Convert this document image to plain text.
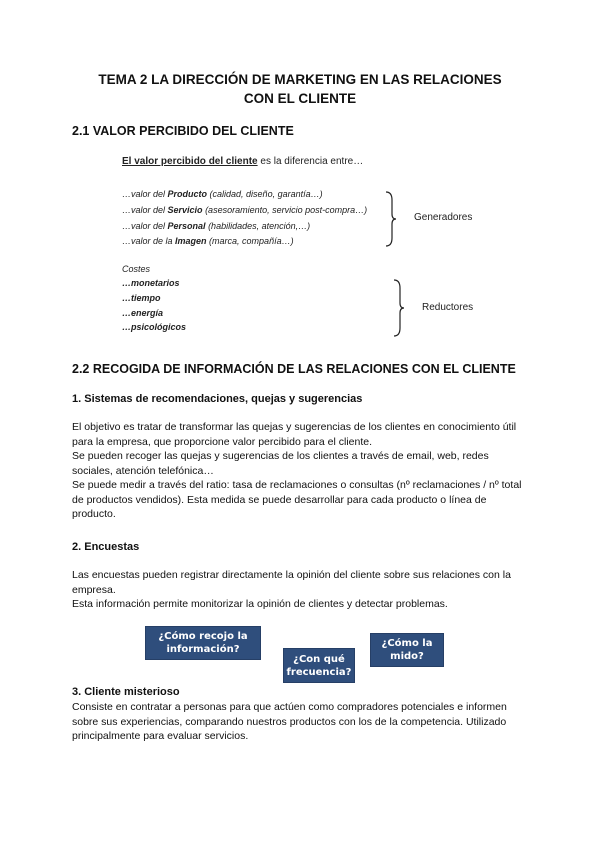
TEMA 2 LA DIRECCIÓN DE MARKETING EN LAS RELACIONES
CON EL CLIENTE
2.1 VALOR PERCIBIDO DEL CLIENTE
El valor percibido del cliente es la diferencia entre…
…valor del Producto (calidad, diseño, garantía…)
…valor del Servicio (asesoramiento, servicio post-compra…)
…valor del Personal (habilidades, atención,…)
…valor de la Imagen (marca, compañía…)
Generadores
Costes
…monetarios
…tiempo
…energía
…psicológicos
Reductores
2.2 RECOGIDA DE INFORMACIÓN DE LAS RELACIONES CON EL CLIENTE
1. Sistemas de recomendaciones, quejas y sugerencias

El objetivo es tratar de transformar las quejas y sugerencias de los clientes en conocimiento útil para la empresa, que proporcione valor percibido para el cliente.

Se pueden recoger las quejas y sugerencias de los clientes a través de email, web, redes sociales, atención telefónica…

Se puede medir a través del ratio: tasa de reclamaciones o consultas (nº reclamaciones / nº total de productos vendidos). Esta medida se puede desarrollar para cada producto o línea de producto.

2. Encuestas

Las encuestas pueden registrar directamente la opinión del cliente sobre sus relaciones con la empresa.

Esta información permite monitorizar la opinión de clientes y detectar problemas.

¿Cómo recojo la
información?
¿Con qué
frecuencia?
¿Cómo la
mido?
3. Cliente misterioso

Consiste en contratar a personas para que actúen como compradores potenciales e informen sobre sus experiencias, comparando nuestros productos con los de la competencia. Utilizado principalmente para evaluar servicios.
